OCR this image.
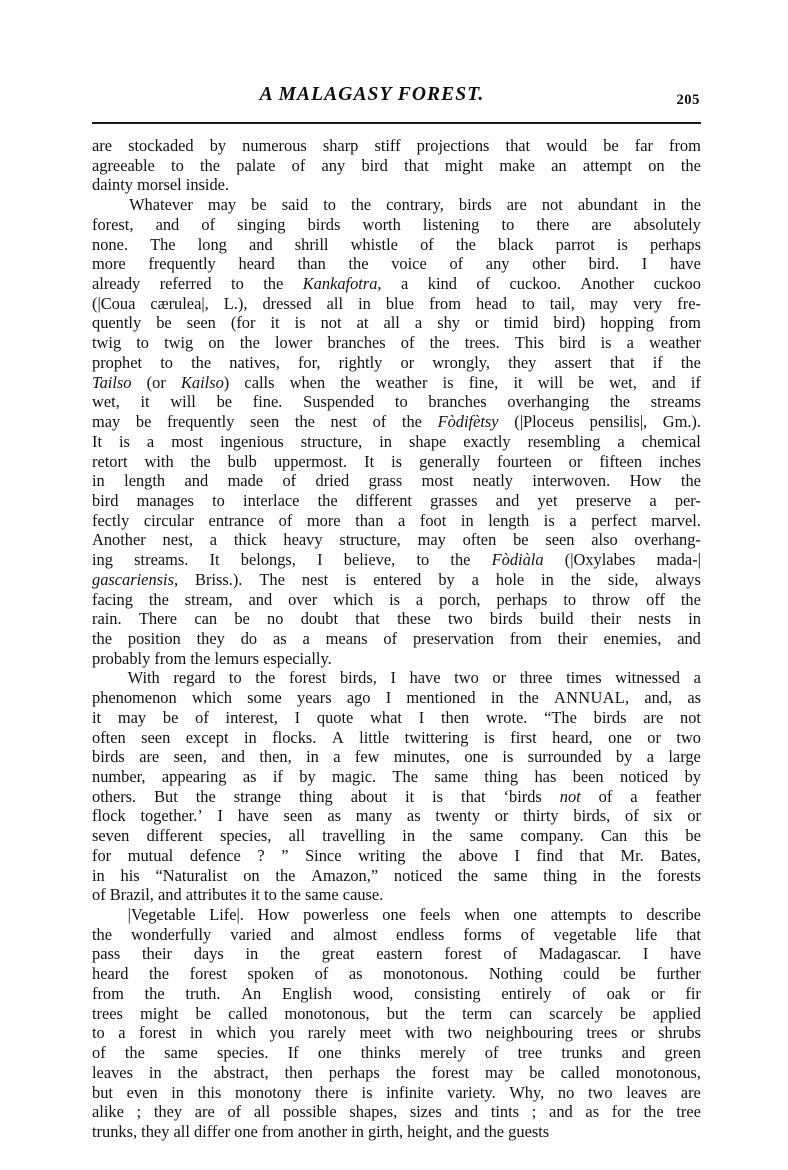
A MALAGASY FOREST.	205
are stockaded by numerous sharp stiff projections that would be far from
agreeable to the palate of any bird that might make an attempt on the
dainty morsel inside.
Whatever may be said to the contrary, birds are not abundant in the
forest, and of singing birds worth listening to there are absolutely
none. The long and shrill whistle of the black parrot is perhaps
more frequently heard than the voice of any other bird. I have
already referred to the Kankafotra, a kind of cuckoo. Another cuckoo
(|Coua cærulea|, L.), dressed all in blue from head to tail, may very fre-
quently be seen (for it is not at all a shy or timid bird) hopping from
twig to twig on the lower branches of the trees. This bird is a weather
prophet to the natives, for, rightly or wrongly, they assert that if the
Tailso (or Kailso) calls when the weather is fine, it will be wet, and if
wet, it will be fine. Suspended to branches overhanging the streams
may be frequently seen the nest of the Fòdifètsy (|Ploceus pensilis|, Gm.).
It is a most ingenious structure, in shape exactly resembling a chemical
retort with the bulb uppermost. It is generally fourteen or fifteen inches
in length and made of dried grass most neatly interwoven. How the
bird manages to interlace the different grasses and yet preserve a per-
fectly circular entrance of more than a foot in length is a perfect marvel.
Another nest, a thick heavy structure, may often be seen also overhang-
ing streams. It belongs, I believe, to the Fòdiàla (|Oxylabes mada-|
gascariensis, Briss.). The nest is entered by a hole in the side, always
facing the stream, and over which is a porch, perhaps to throw off the
rain. There can be no doubt that these two birds build their nests in
the position they do as a means of preservation from their enemies, and
probably from the lemurs especially.
With regard to the forest birds, I have two or three times witnessed a
phenomenon which some years ago I mentioned in the ANNUAL, and, as
it may be of interest, I quote what I then wrote. “The birds are not
often seen except in flocks. A little twittering is first heard, one or two
birds are seen, and then, in a few minutes, one is surrounded by a large
number, appearing as if by magic. The same thing has been noticed by
others. But the strange thing about it is that ‘birds not of a feather
flock together.’ I have seen as many as twenty or thirty birds, of six or
seven different species, all travelling in the same company. Can this be
for mutual defence ? ” Since writing the above I find that Mr. Bates,
in his “Naturalist on the Amazon,” noticed the same thing in the forests
of Brazil, and attributes it to the same cause.
|Vegetable Life|. How powerless one feels when one attempts to describe
the wonderfully varied and almost endless forms of vegetable life that
pass their days in the great eastern forest of Madagascar. I have
heard the forest spoken of as monotonous. Nothing could be further
from the truth. An English wood, consisting entirely of oak or fir
trees might be called monotonous, but the term can scarcely be applied
to a forest in which you rarely meet with two neighbouring trees or shrubs
of the same species. If one thinks merely of tree trunks and green
leaves in the abstract, then perhaps the forest may be called monotonous,
but even in this monotony there is infinite variety. Why, no two leaves are
alike ; they are of all possible shapes, sizes and tints ; and as for the tree
trunks, they all differ one from another in girth, height, and the guests
